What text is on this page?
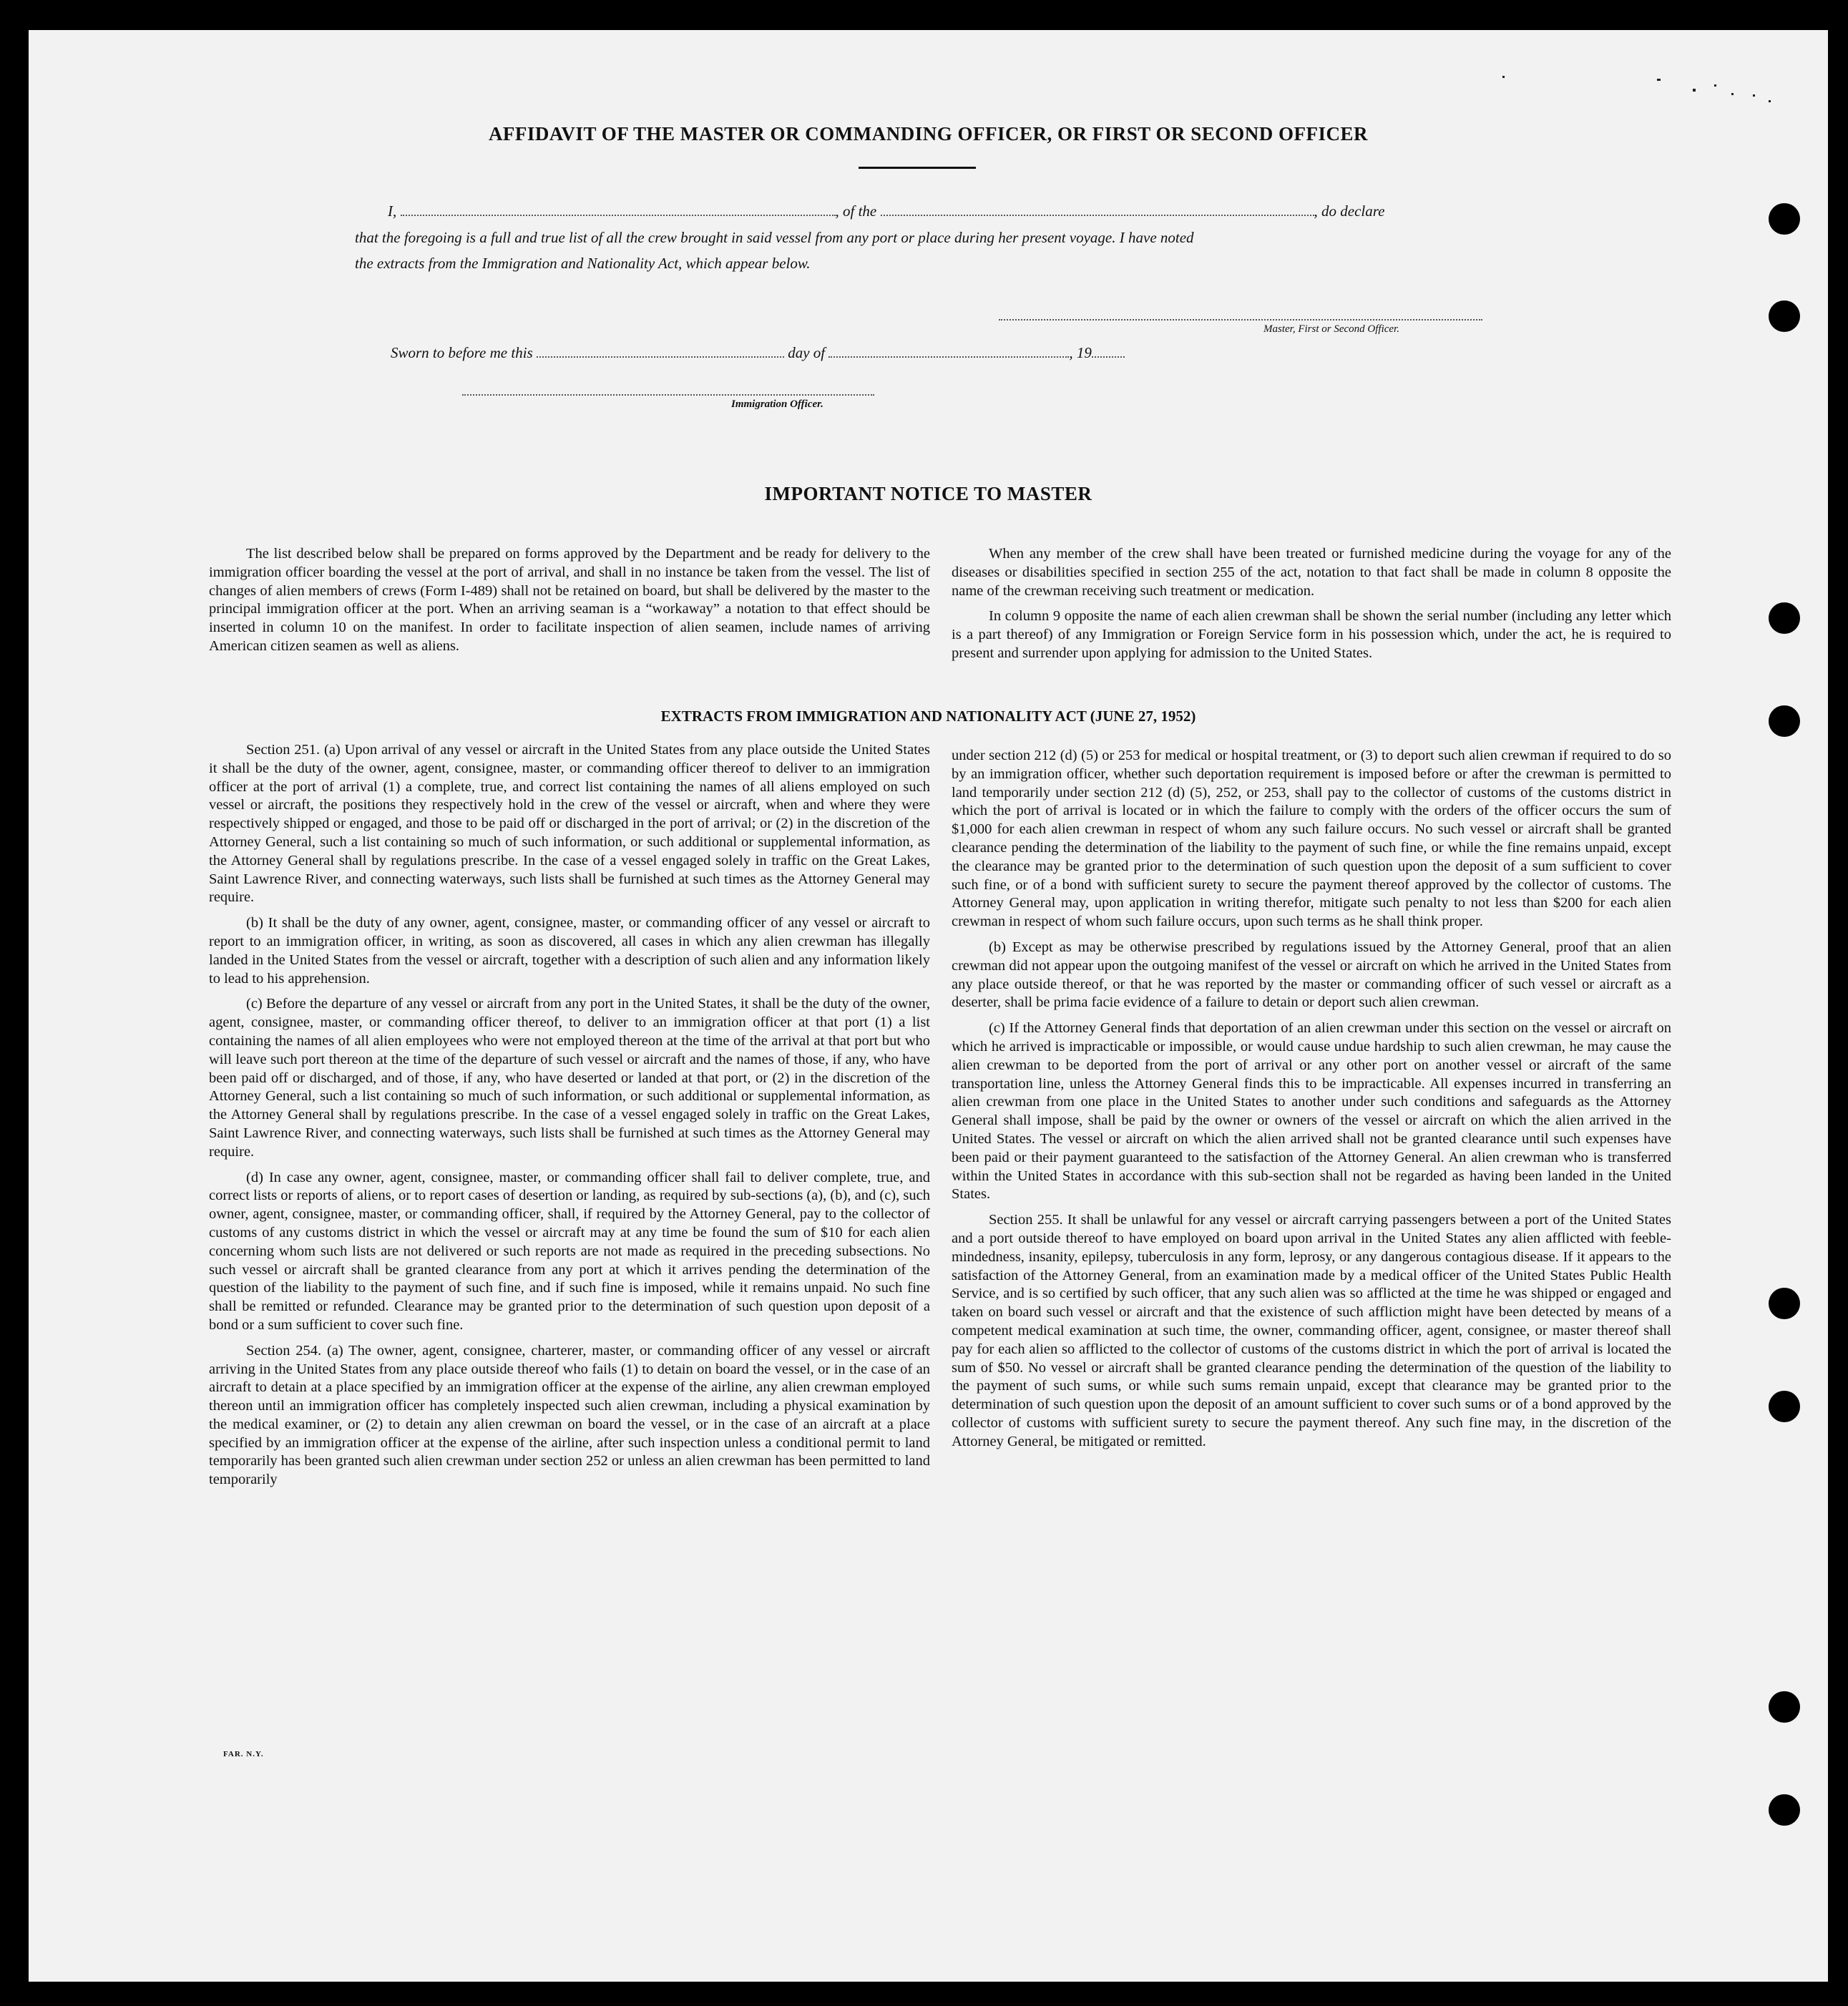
AFFIDAVIT OF THE MASTER OR COMMANDING OFFICER, OR FIRST OR SECOND OFFICER
I,	, of the	, do declare
that the foregoing is a full and true list of all the crew brought in said vessel from any port or place during her present voyage. I have noted
the extracts from the Immigration and Nationality Act, which appear below.
Master, First or Second Officer.
Sworn to before me this	day of	, 19
Immigration Officer.
IMPORTANT NOTICE TO MASTER

The list described below shall be prepared on forms approved by the Department and be ready for delivery to the immigration officer boarding the vessel at the port of arrival, and shall in no instance be taken from the vessel. The list of changes of alien members of crews (Form I-489) shall not be retained on board, but shall be delivered by the master to the principal immigration officer at the port. When an arriving seaman is a “workaway” a notation to that effect should be inserted in column 10 on the manifest. In order to facilitate inspection of alien seamen, include names of arriving American citizen seamen as well as aliens.

When any member of the crew shall have been treated or furnished medicine during the voyage for any of the diseases or disabilities specified in section 255 of the act, notation to that fact shall be made in column 8 opposite the name of the crewman receiving such treatment or medication.

In column 9 opposite the name of each alien crewman shall be shown the serial number (including any letter which is a part thereof) of any Immigration or Foreign Service form in his possession which, under the act, he is required to present and surrender upon applying for admission to the United States.

EXTRACTS FROM IMMIGRATION AND NATIONALITY ACT (JUNE 27, 1952)

Section 251. (a) Upon arrival of any vessel or aircraft in the United States from any place outside the United States it shall be the duty of the owner, agent, consignee, master, or commanding officer thereof to deliver to an immigration officer at the port of arrival (1) a complete, true, and correct list containing the names of all aliens employed on such vessel or aircraft, the positions they respectively hold in the crew of the vessel or aircraft, when and where they were respectively shipped or engaged, and those to be paid off or discharged in the port of arrival; or (2) in the discretion of the Attorney General, such a list containing so much of such information, or such additional or supplemental information, as the Attorney General shall by regulations prescribe. In the case of a vessel engaged solely in traffic on the Great Lakes, Saint Lawrence River, and connecting waterways, such lists shall be furnished at such times as the Attorney General may require.

(b) It shall be the duty of any owner, agent, consignee, master, or commanding officer of any vessel or aircraft to report to an immigration officer, in writing, as soon as discovered, all cases in which any alien crewman has illegally landed in the United States from the vessel or aircraft, together with a description of such alien and any information likely to lead to his apprehension.

(c) Before the departure of any vessel or aircraft from any port in the United States, it shall be the duty of the owner, agent, consignee, master, or commanding officer thereof, to deliver to an immigration officer at that port (1) a list containing the names of all alien employees who were not employed thereon at the time of the arrival at that port but who will leave such port thereon at the time of the departure of such vessel or aircraft and the names of those, if any, who have been paid off or discharged, and of those, if any, who have deserted or landed at that port, or (2) in the discretion of the Attorney General, such a list containing so much of such information, or such additional or supplemental information, as the Attorney General shall by regulations prescribe. In the case of a vessel engaged solely in traffic on the Great Lakes, Saint Lawrence River, and connecting waterways, such lists shall be furnished at such times as the Attorney General may require.

(d) In case any owner, agent, consignee, master, or commanding officer shall fail to deliver complete, true, and correct lists or reports of aliens, or to report cases of desertion or landing, as required by sub-sections (a), (b), and (c), such owner, agent, consignee, master, or commanding officer, shall, if required by the Attorney General, pay to the collector of customs of any customs district in which the vessel or aircraft may at any time be found the sum of $10 for each alien concerning whom such lists are not delivered or such reports are not made as required in the preceding subsections. No such vessel or aircraft shall be granted clearance from any port at which it arrives pending the determination of the question of the liability to the payment of such fine, and if such fine is imposed, while it remains unpaid. No such fine shall be remitted or refunded. Clearance may be granted prior to the determination of such question upon deposit of a bond or a sum sufficient to cover such fine.

Section 254. (a) The owner, agent, consignee, charterer, master, or commanding officer of any vessel or aircraft arriving in the United States from any place outside thereof who fails (1) to detain on board the vessel, or in the case of an aircraft to detain at a place specified by an immigration officer at the expense of the airline, any alien crewman employed thereon until an immigration officer has completely inspected such alien crewman, including a physical examination by the medical examiner, or (2) to detain any alien crewman on board the vessel, or in the case of an aircraft at a place specified by an immigration officer at the expense of the airline, after such inspection unless a conditional permit to land temporarily has been granted such alien crewman under section 252 or unless an alien crewman has been permitted to land temporarily

under section 212 (d) (5) or 253 for medical or hospital treatment, or (3) to deport such alien crewman if required to do so by an immigration officer, whether such deportation requirement is imposed before or after the crewman is permitted to land temporarily under section 212 (d) (5), 252, or 253, shall pay to the collector of customs of the customs district in which the port of arrival is located or in which the failure to comply with the orders of the officer occurs the sum of $1,000 for each alien crewman in respect of whom any such failure occurs. No such vessel or aircraft shall be granted clearance pending the determination of the liability to the payment of such fine, or while the fine remains unpaid, except the clearance may be granted prior to the determination of such question upon the deposit of a sum sufficient to cover such fine, or of a bond with sufficient surety to secure the payment thereof approved by the collector of customs. The Attorney General may, upon application in writing therefor, mitigate such penalty to not less than $200 for each alien crewman in respect of whom such failure occurs, upon such terms as he shall think proper.

(b) Except as may be otherwise prescribed by regulations issued by the Attorney General, proof that an alien crewman did not appear upon the outgoing manifest of the vessel or aircraft on which he arrived in the United States from any place outside thereof, or that he was reported by the master or commanding officer of such vessel or aircraft as a deserter, shall be prima facie evidence of a failure to detain or deport such alien crewman.

(c) If the Attorney General finds that deportation of an alien crewman under this section on the vessel or aircraft on which he arrived is impracticable or impossible, or would cause undue hardship to such alien crewman, he may cause the alien crewman to be deported from the port of arrival or any other port on another vessel or aircraft of the same transportation line, unless the Attorney General finds this to be impracticable. All expenses incurred in transferring an alien crewman from one place in the United States to another under such conditions and safeguards as the Attorney General shall impose, shall be paid by the owner or owners of the vessel or aircraft on which the alien arrived in the United States. The vessel or aircraft on which the alien arrived shall not be granted clearance until such expenses have been paid or their payment guaranteed to the satisfaction of the Attorney General. An alien crewman who is transferred within the United States in accordance with this sub-section shall not be regarded as having been landed in the United States.

Section 255. It shall be unlawful for any vessel or aircraft carrying passengers between a port of the United States and a port outside thereof to have employed on board upon arrival in the United States any alien afflicted with feeble-mindedness, insanity, epilepsy, tuberculosis in any form, leprosy, or any dangerous contagious disease. If it appears to the satisfaction of the Attorney General, from an examination made by a medical officer of the United States Public Health Service, and is so certified by such officer, that any such alien was so afflicted at the time he was shipped or engaged and taken on board such vessel or aircraft and that the existence of such affliction might have been detected by means of a competent medical examination at such time, the owner, commanding officer, agent, consignee, or master thereof shall pay for each alien so afflicted to the collector of customs of the customs district in which the port of arrival is located the sum of $50. No vessel or aircraft shall be granted clearance pending the determination of the question of the liability to the payment of such sums, or while such sums remain unpaid, except that clearance may be granted prior to the determination of such question upon the deposit of an amount sufficient to cover such sums or of a bond approved by the collector of customs with sufficient surety to secure the payment thereof. Any such fine may, in the discretion of the Attorney General, be mitigated or remitted.

FAR. N.Y.
